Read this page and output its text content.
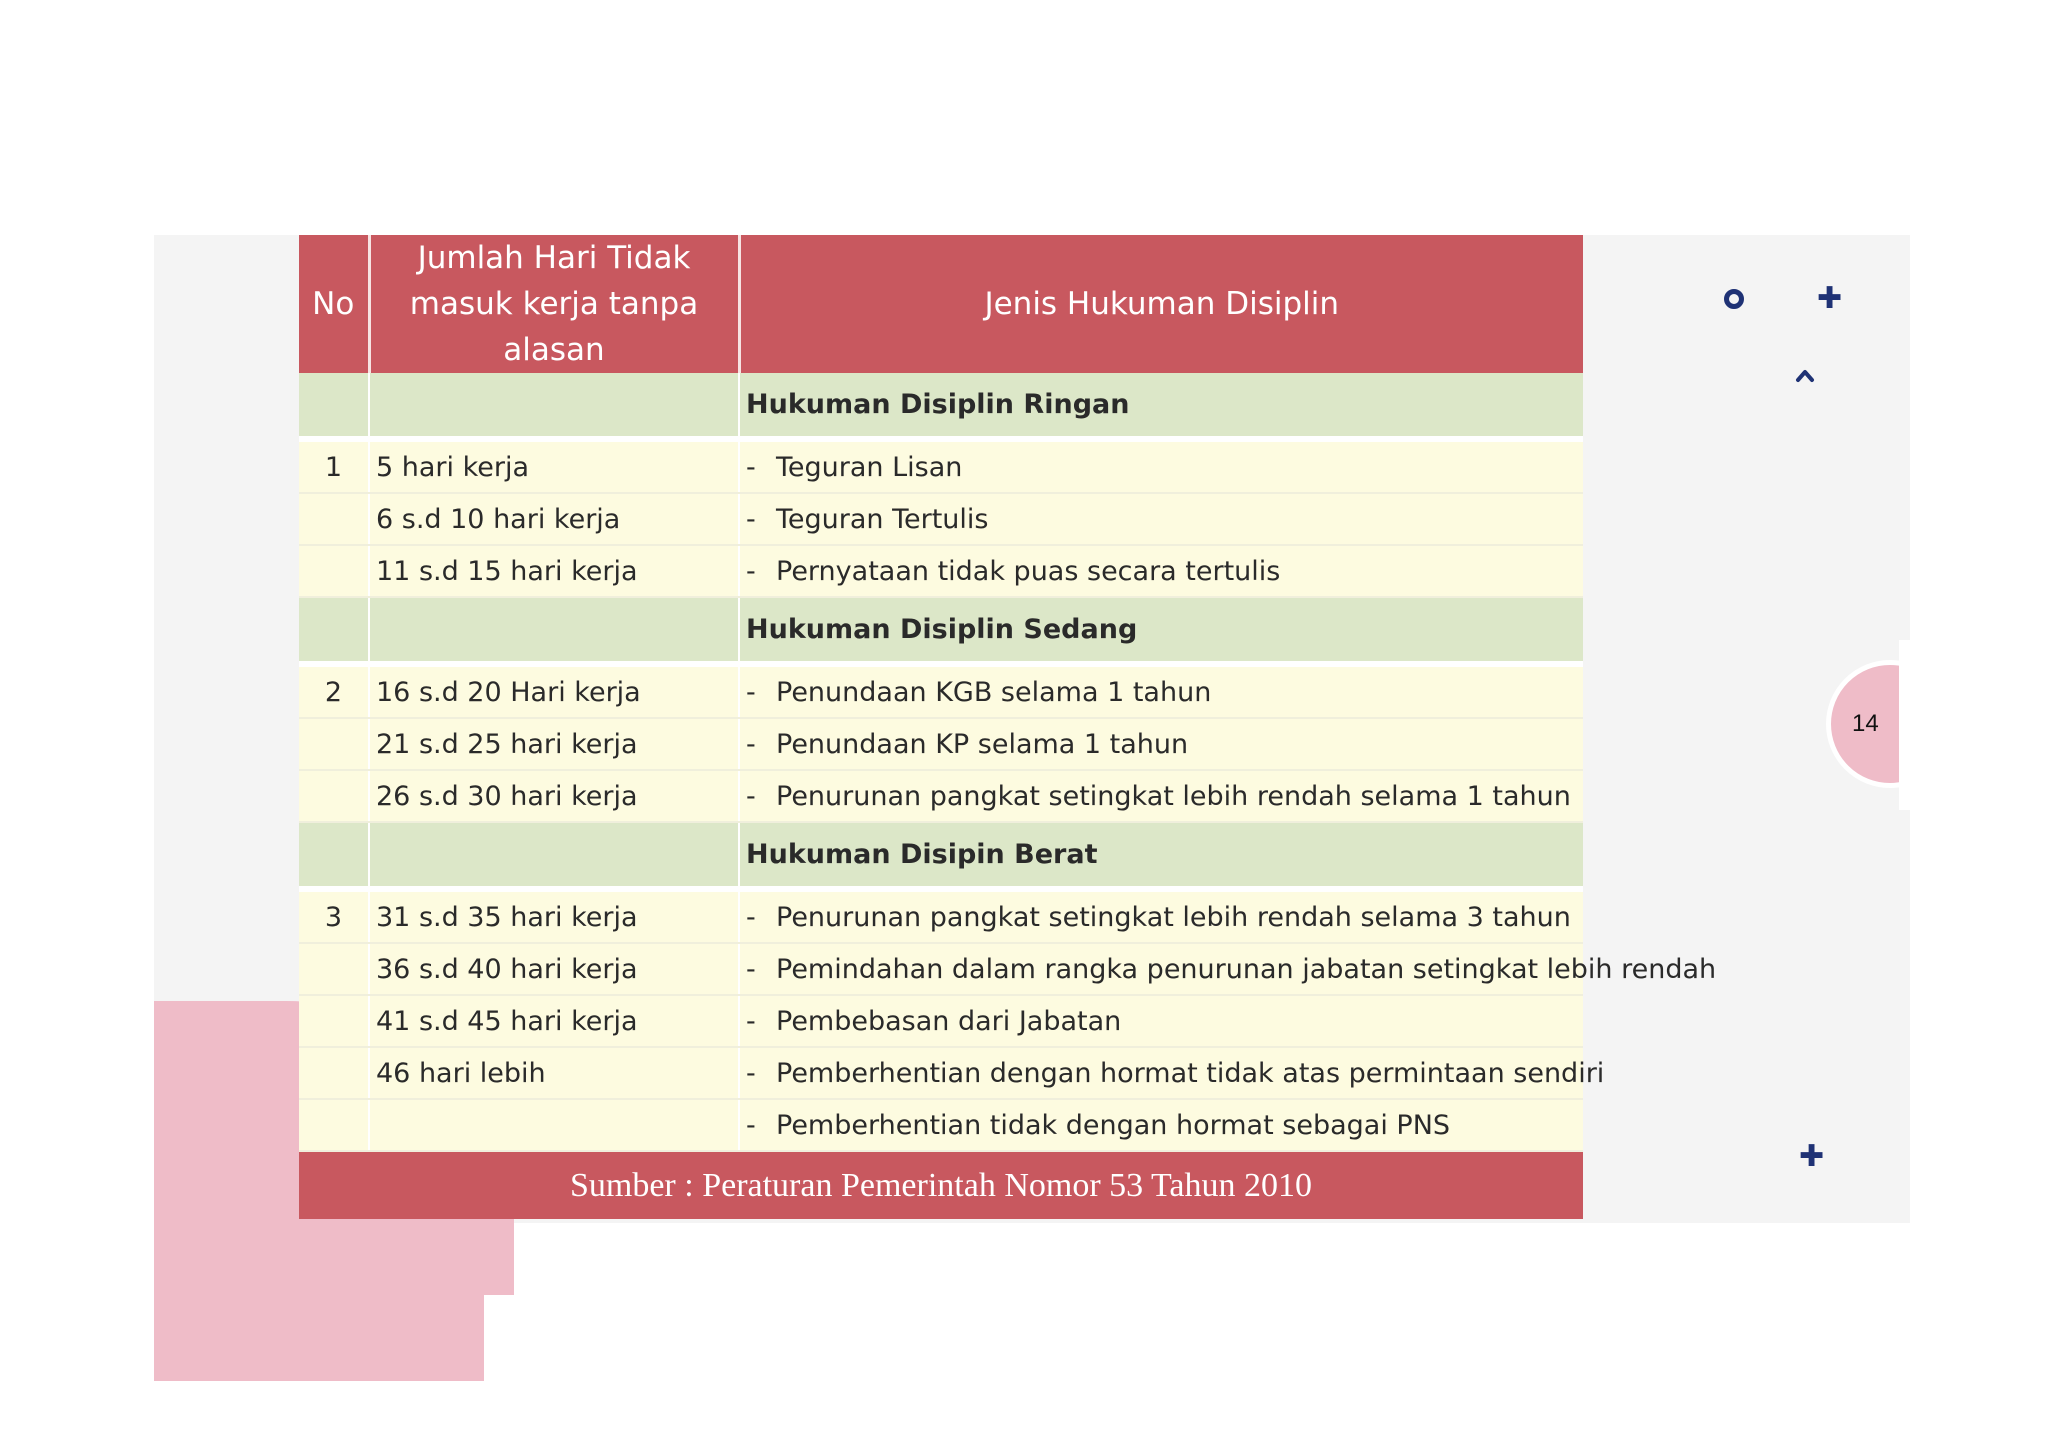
No	Jumlah Hari Tidak masuk kerja tanpa alasan	Jenis Hukuman Disiplin
		Hukuman Disiplin Ringan
1	5 hari kerja	- Teguran Lisan
	6 s.d 10 hari kerja	- Teguran Tertulis
	11 s.d 15 hari kerja	- Pernyataan tidak puas secara tertulis
		Hukuman Disiplin Sedang
2	16 s.d 20 Hari kerja	- Penundaan KGB selama 1 tahun
	21 s.d 25 hari kerja	- Penundaan KP selama 1 tahun
	26 s.d 30 hari kerja	- Penurunan pangkat setingkat lebih rendah selama 1 tahun
		Hukuman Disipin Berat
3	31 s.d 35 hari kerja	- Penurunan pangkat setingkat lebih rendah selama 3 tahun
	36 s.d 40 hari kerja	- Pemindahan dalam rangka penurunan jabatan setingkat lebih rendah
	41 s.d 45 hari kerja	- Pembebasan dari Jabatan
	46 hari lebih	- Pemberhentian dengan hormat tidak atas permintaan sendiri
		- Pemberhentian tidak dengan hormat sebagai PNS
Sumber : Peraturan Pemerintah Nomor 53 Tahun 2010
✚
✚
14
